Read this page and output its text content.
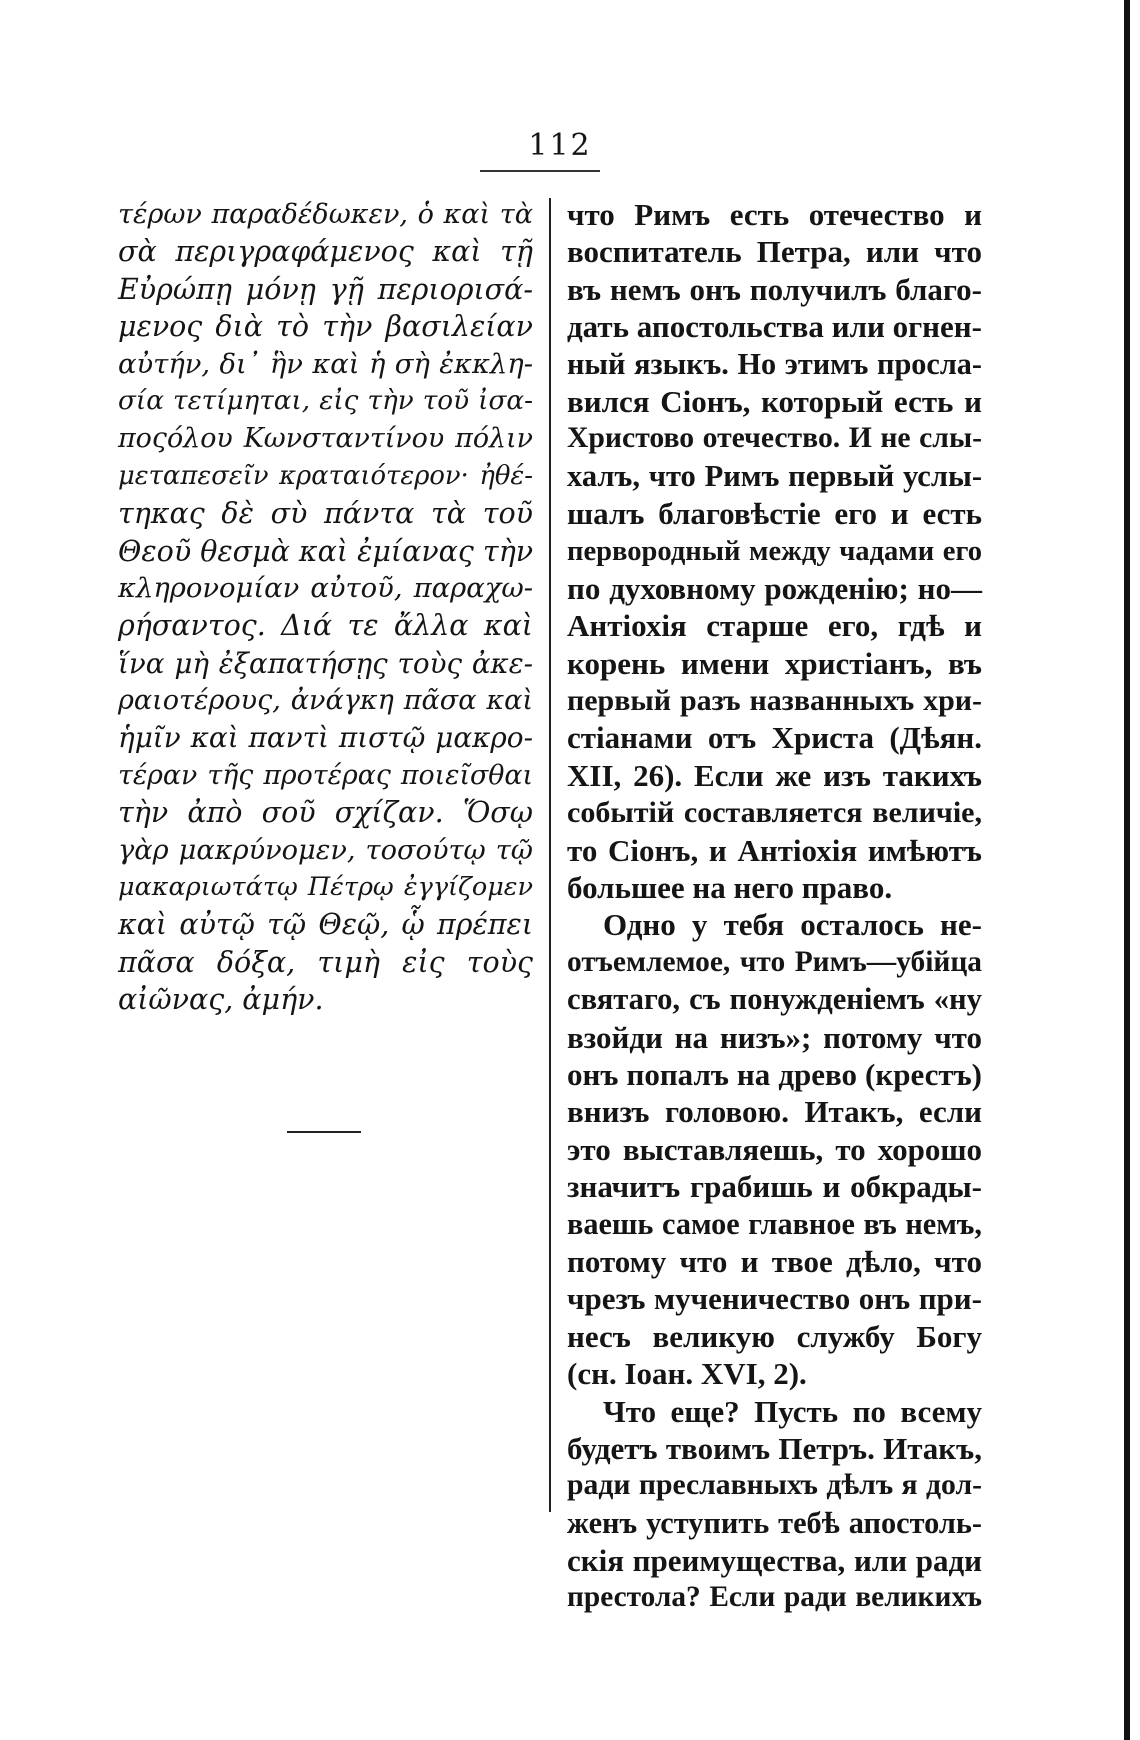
112
τέρων παραδέδωκεν, ὁ καὶ τὰ
σὰ περιγραφάμενος καὶ τῇ
Εὐρώπῃ μόνῃ γῇ περιορισά-
μενος διὰ τὸ τὴν βασιλείαν
αὐτήν, δι᾽ ἣν καὶ ἡ σὴ ἐκκλη-
σία τετίμηται, εἰς τὴν τοῦ ἰσα-
ποςόλου Κωνσταντίνου πόλιν
μεταπεσεῖν κραταιότερον· ἠθέ-
τηκας δὲ σὺ πάντα τὰ τοῦ
Θεοῦ θεσμὰ καὶ ἐμίανας τὴν
κληρονομίαν αὐτοῦ, παραχω-
ρήσαντος. Διά τε ἄλλα καὶ
ἵνα μὴ ἐξαπατήσῃς τοὺς ἀκε-
ραιοτέρους, ἀνάγκη πᾶσα καὶ
ἡμῖν καὶ παντὶ πιστῷ μακρο-
τέραν τῆς προτέρας ποιεῖσθαι
τὴν ἀπὸ σοῦ σχίζαν. Ὅσῳ
γὰρ μακρύνομεν, τοσούτῳ τῷ
μακαριωτάτῳ Πέτρῳ ἐγγίζομεν
καὶ αὐτῷ τῷ Θεῷ, ᾧ πρέπει
πᾶσα δόξα, τιμὴ εἰς τοὺς
αἰῶνας, ἀμήν.
что Римъ есть отечество и
воспитатель Петра, или что
въ немъ онъ получилъ благо-
дать апостольства или огнен-
ный языкъ. Но этимъ просла-
вился Сіонъ, который есть и
Христово отечество. И не слы-
халъ, что Римъ первый услы-
шалъ благовѣстіе его и есть
первородный между чадами его
по духовному рожденію; но—
Антіохія старше его, гдѣ и
корень имени христіанъ, въ
первый разъ названныхъ хри-
стіанами отъ Христа (Дѣян.
XII, 26). Если же изъ такихъ
событій составляется величіе,
то Сіонъ, и Антіохія имѣютъ
большее на него право.
Одно у тебя осталось не-
отъемлемое, что Римъ—убійца
святаго, съ понужденіемъ «ну
взойди на низъ»; потому что
онъ попалъ на древо (крестъ)
внизъ головою. Итакъ, если
это выставляешь, то хорошо
значитъ грабишь и обкрады-
ваешь самое главное въ немъ,
потому что и твое дѣло, что
чрезъ мученичество онъ при-
несъ великую службу Богу
(сн. Іоан. XVI, 2).
Что еще? Пусть по всему
будетъ твоимъ Петръ. Итакъ,
ради преславныхъ дѣлъ я дол-
женъ уступить тебѣ апостоль-
скія преимущества, или ради
престола? Если ради великихъ
